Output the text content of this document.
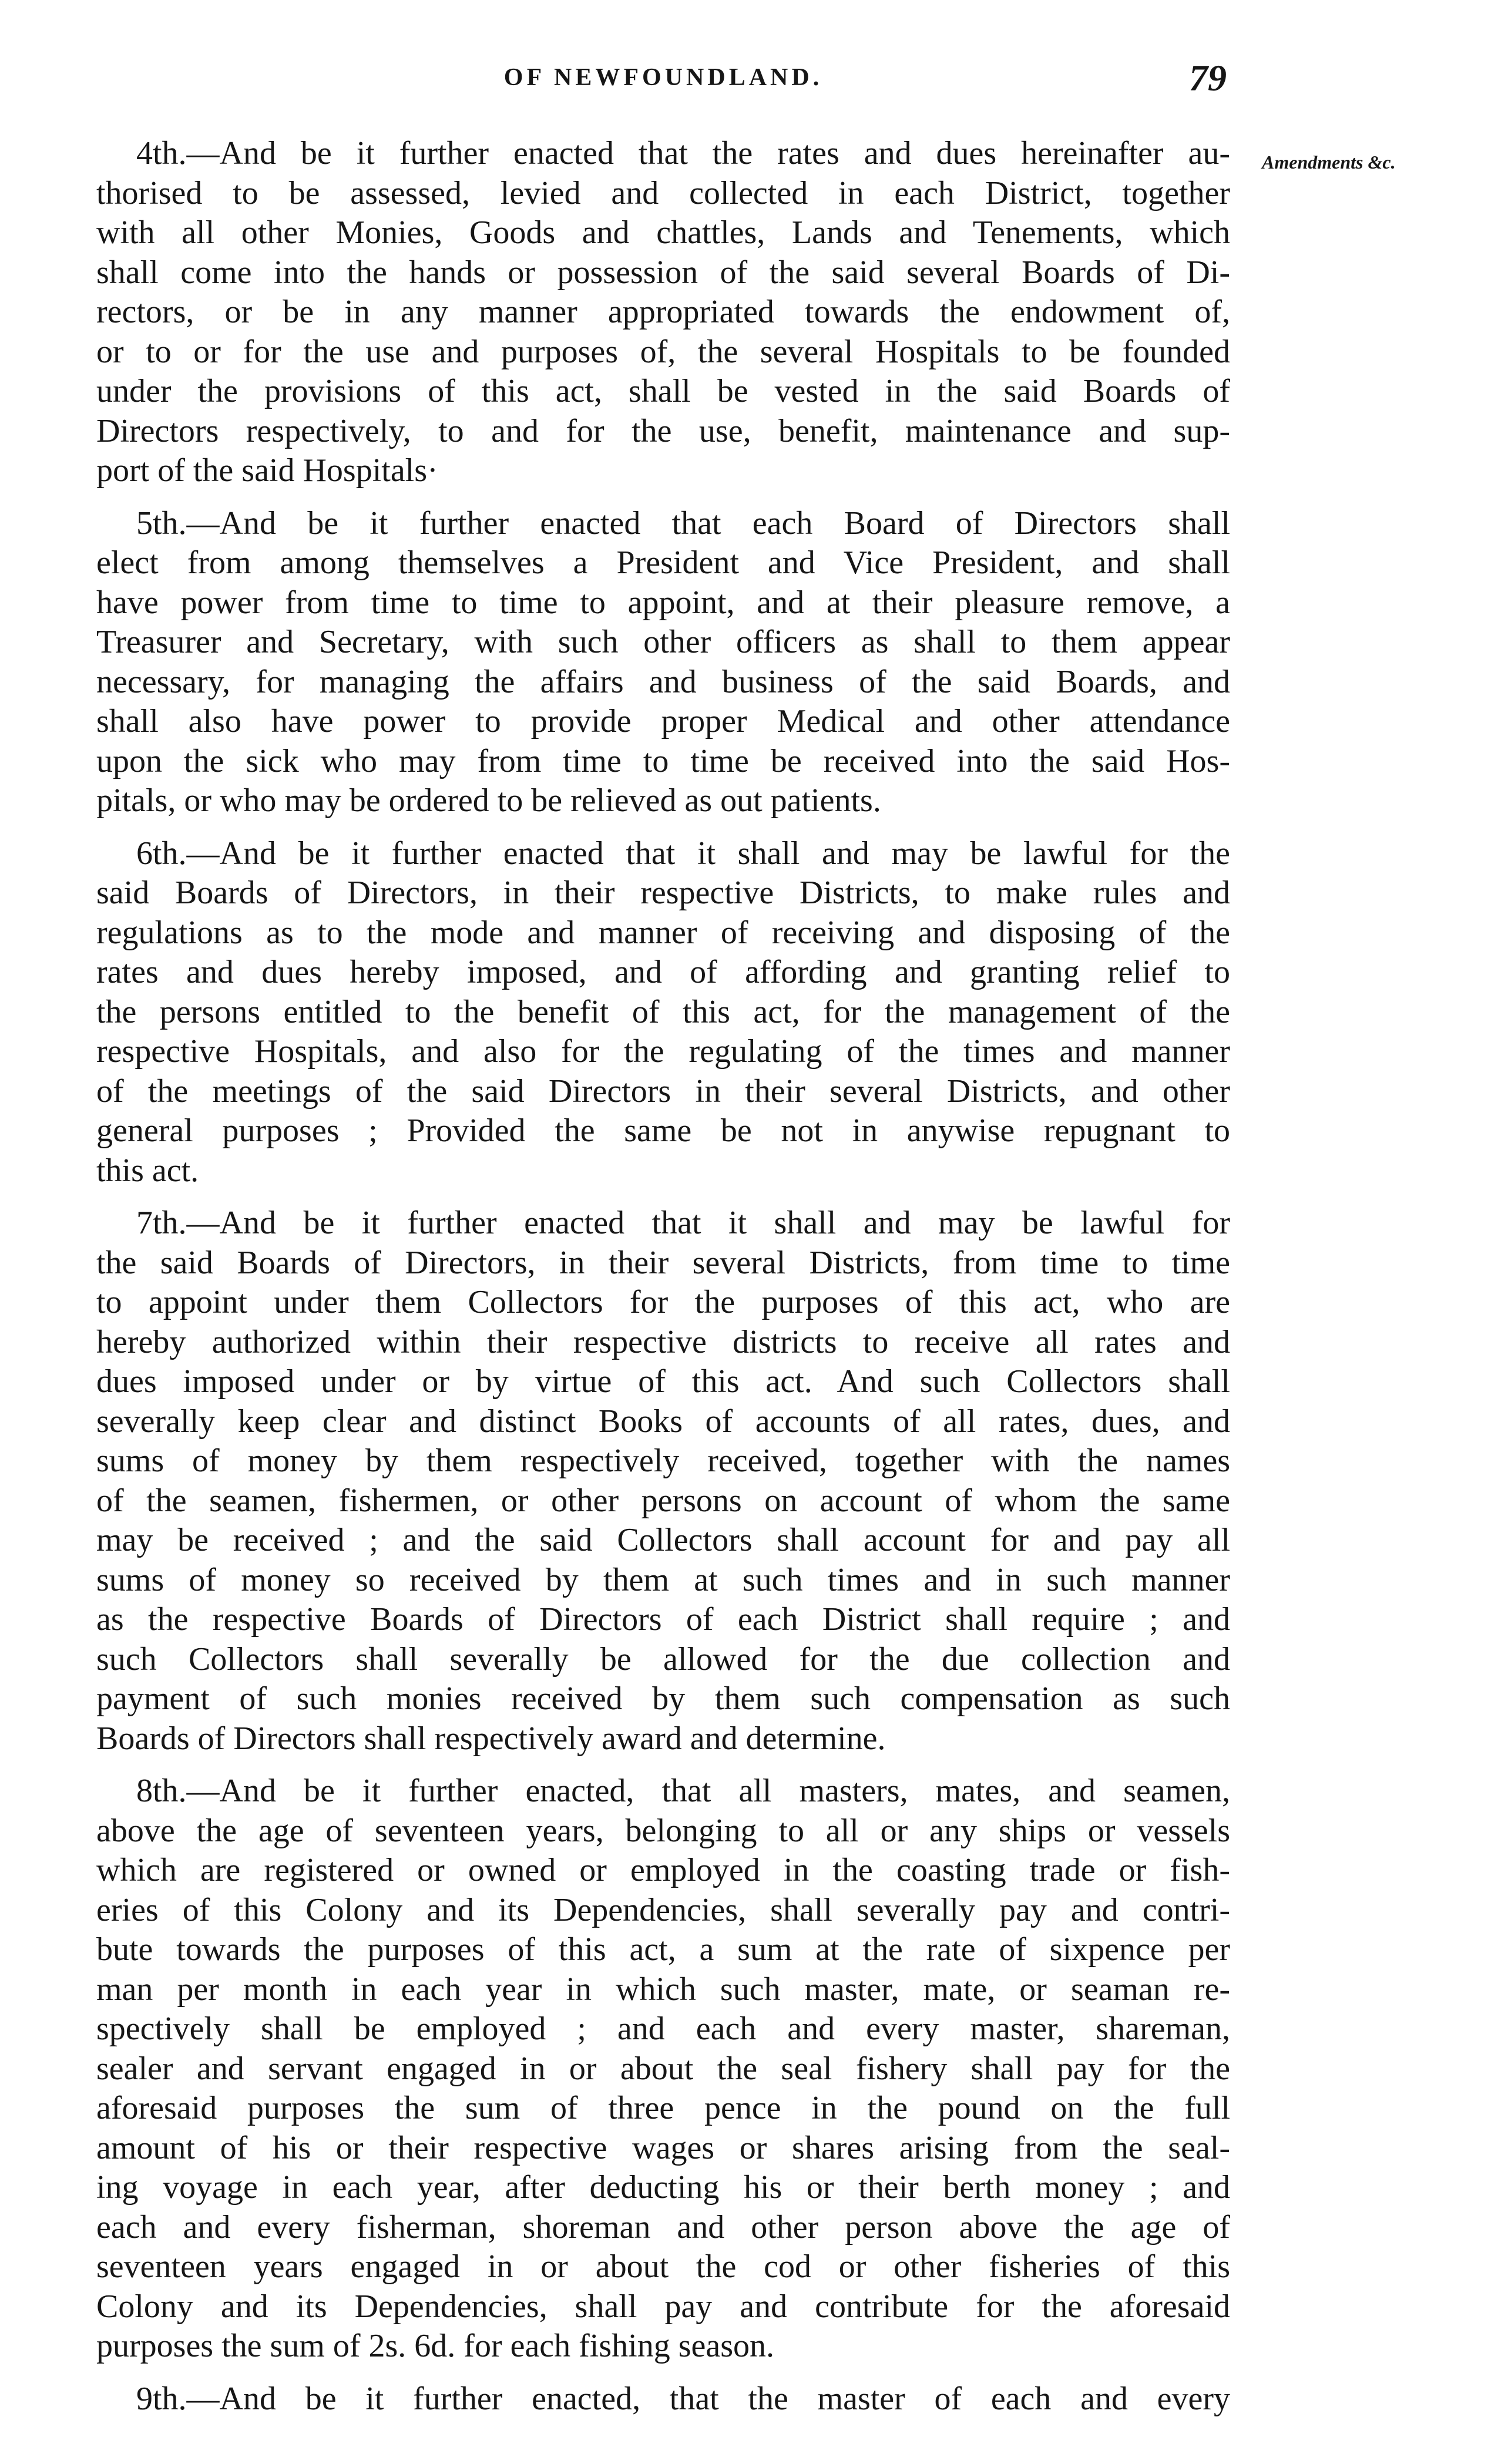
OF NEWFOUNDLAND.	79
Amendments &c.
4th.—And be it further enacted that the rates and dues hereinafter au-
thorised to be assessed, levied and collected in each District, together
with all other Monies, Goods and chattles, Lands and Tenements, which
shall come into the hands or possession of the said several Boards of Di-
rectors, or be in any manner appropriated towards the endowment of,
or to or for the use and purposes of, the several Hospitals to be founded
under the provisions of this act, shall be vested in the said Boards of
Directors respectively, to and for the use, benefit, maintenance and sup-
port of the said Hospitals·
5th.—And be it further enacted that each Board of Directors shall
elect from among themselves a President and Vice President, and shall
have power from time to time to appoint, and at their pleasure remove, a
Treasurer and Secretary, with such other officers as shall to them appear
necessary, for managing the affairs and business of the said Boards, and
shall also have power to provide proper Medical and other attendance
upon the sick who may from time to time be received into the said Hos-
pitals, or who may be ordered to be relieved as out patients.
6th.—And be it further enacted that it shall and may be lawful for the
said Boards of Directors, in their respective Districts, to make rules and
regulations as to the mode and manner of receiving and disposing of the
rates and dues hereby imposed, and of affording and granting relief to
the persons entitled to the benefit of this act, for the management of the
respective Hospitals, and also for the regulating of the times and manner
of the meetings of the said Directors in their several Districts, and other
general purposes ; Provided the same be not in anywise repugnant to
this act.
7th.—And be it further enacted that it shall and may be lawful for
the said Boards of Directors, in their several Districts, from time to time
to appoint under them Collectors for the purposes of this act, who are
hereby authorized within their respective districts to receive all rates and
dues imposed under or by virtue of this act. And such Collectors shall
severally keep clear and distinct Books of accounts of all rates, dues, and
sums of money by them respectively received, together with the names
of the seamen, fishermen, or other persons on account of whom the same
may be received ; and the said Collectors shall account for and pay all
sums of money so received by them at such times and in such manner
as the respective Boards of Directors of each District shall require ; and
such Collectors shall severally be allowed for the due collection and
payment of such monies received by them such compensation as such
Boards of Directors shall respectively award and determine.
8th.—And be it further enacted, that all masters, mates, and seamen,
above the age of seventeen years, belonging to all or any ships or vessels
which are registered or owned or employed in the coasting trade or fish-
eries of this Colony and its Dependencies, shall severally pay and contri-
bute towards the purposes of this act, a sum at the rate of sixpence per
man per month in each year in which such master, mate, or seaman re-
spectively shall be employed ; and each and every master, shareman,
sealer and servant engaged in or about the seal fishery shall pay for the
aforesaid purposes the sum of three pence in the pound on the full
amount of his or their respective wages or shares arising from the seal-
ing voyage in each year, after deducting his or their berth money ; and
each and every fisherman, shoreman and other person above the age of
seventeen years engaged in or about the cod or other fisheries of this
Colony and its Dependencies, shall pay and contribute for the aforesaid
purposes the sum of 2s. 6d. for each fishing season.
9th.—And be it further enacted, that the master of each and every
